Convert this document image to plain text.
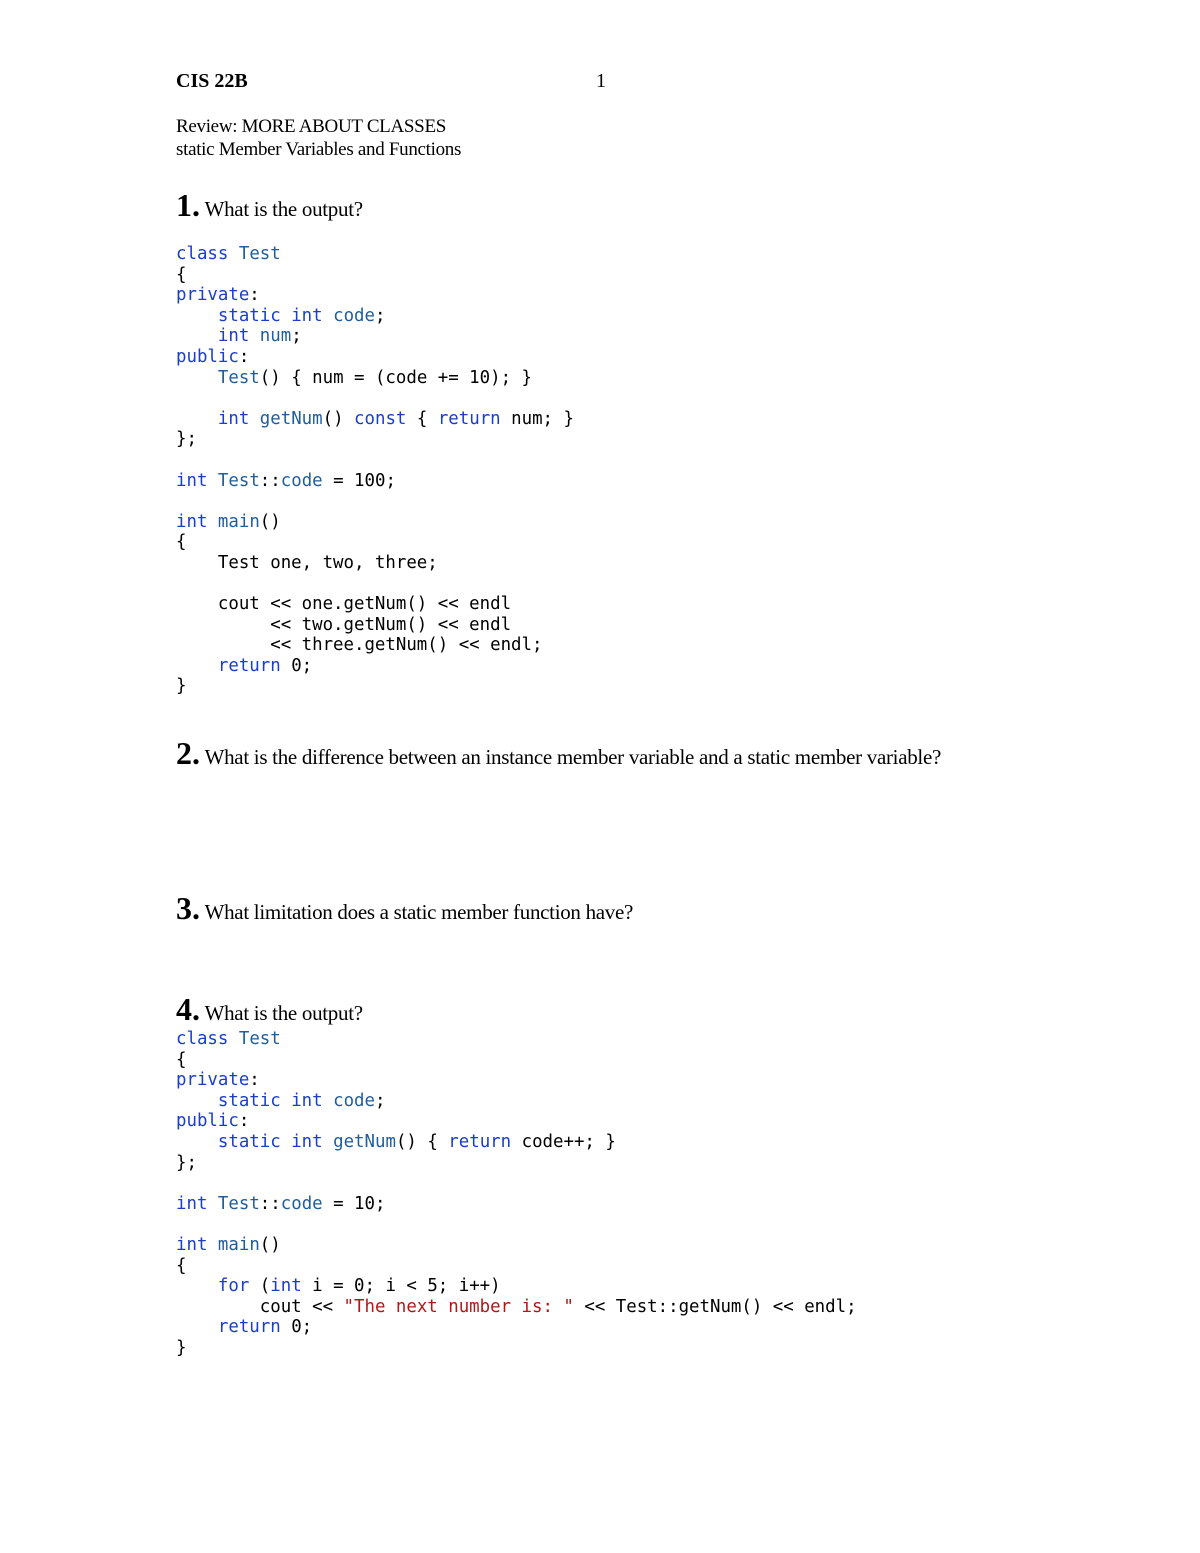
CIS 22B	1
Review: MORE ABOUT CLASSES
static Member Variables and Functions
1. What is the output?
class Test
{
private:
static int code;
int num;
public:
Test() { num = (code += 10); }

int getNum() const { return num; }
};

int Test::code = 100;

int main()
{
Test one, two, three;

cout << one.getNum() << endl
<< two.getNum() << endl
<< three.getNum() << endl;
return 0;
}
2. What is the difference between an instance member variable and a static member variable?
3. What limitation does a static member function have?
4. What is the output?
class Test
{
private:
static int code;
public:
static int getNum() { return code++; }
};

int Test::code = 10;

int main()
{
for (int i = 0; i < 5; i++)
cout << "The next number is: " << Test::getNum() << endl;
return 0;
}
